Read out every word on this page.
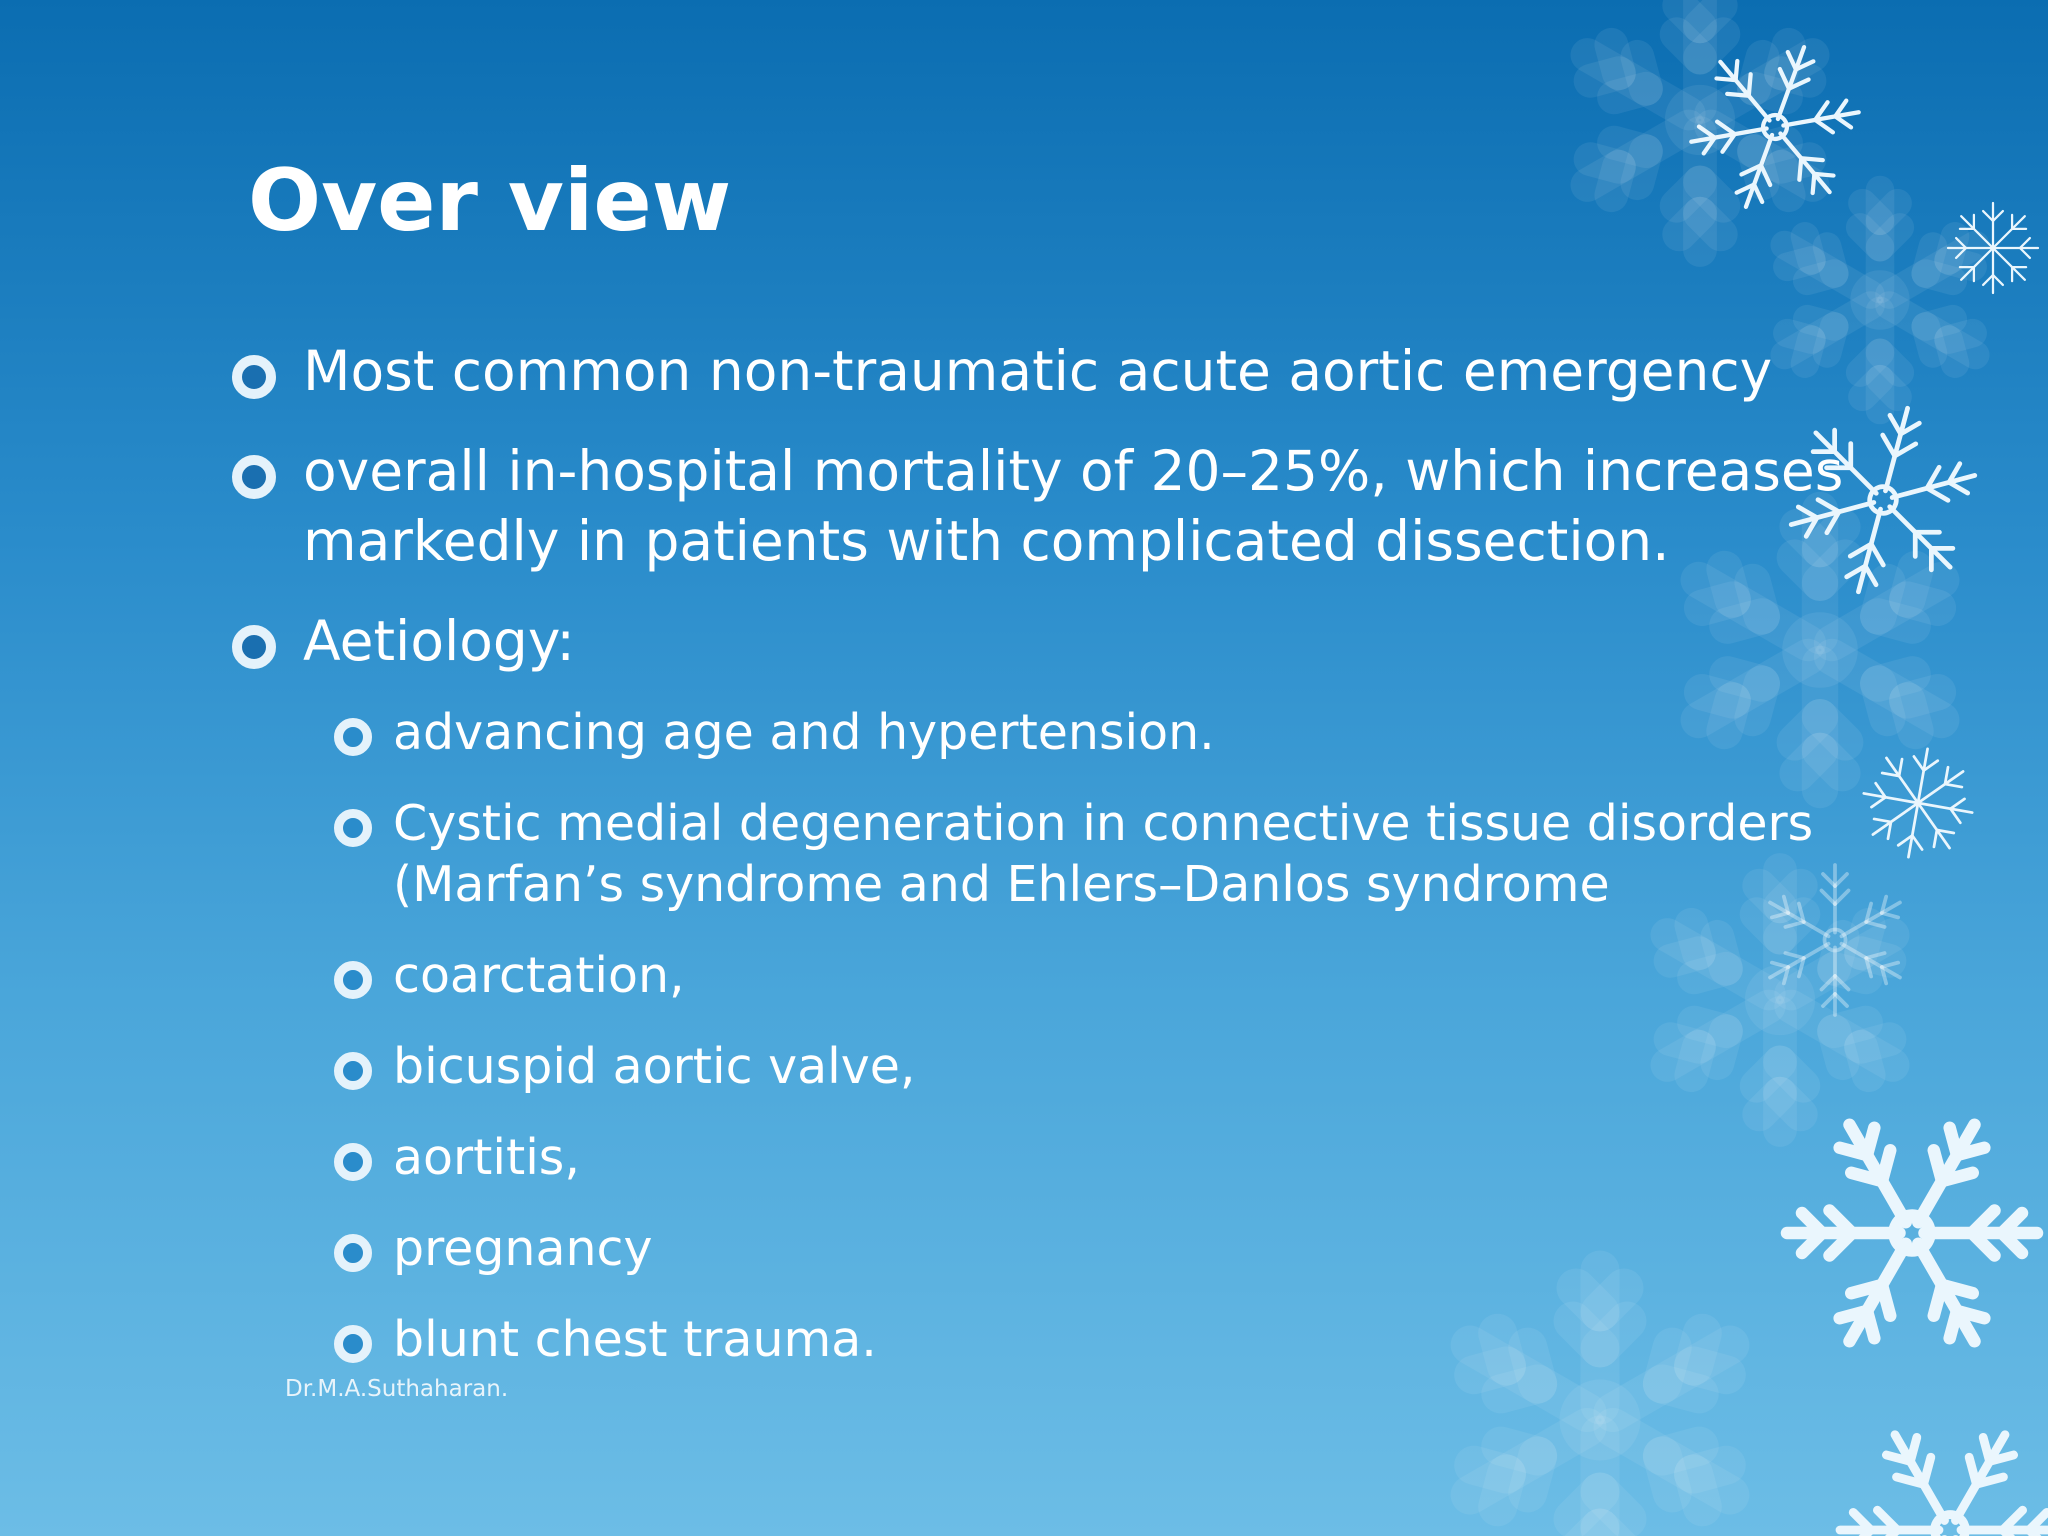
Over view
Most common non-traumatic acute aortic emergency
overall in-hospital mortality of 20–25%, which increases markedly in patients with complicated dissection.
Aetiology:
advancing age and hypertension.
Cystic medial degeneration in connective tissue disorders (Marfan’s syndrome and Ehlers–Danlos syndrome
coarctation,
bicuspid aortic valve,
aortitis,
pregnancy
blunt chest trauma.
Dr.M.A.Suthaharan.
